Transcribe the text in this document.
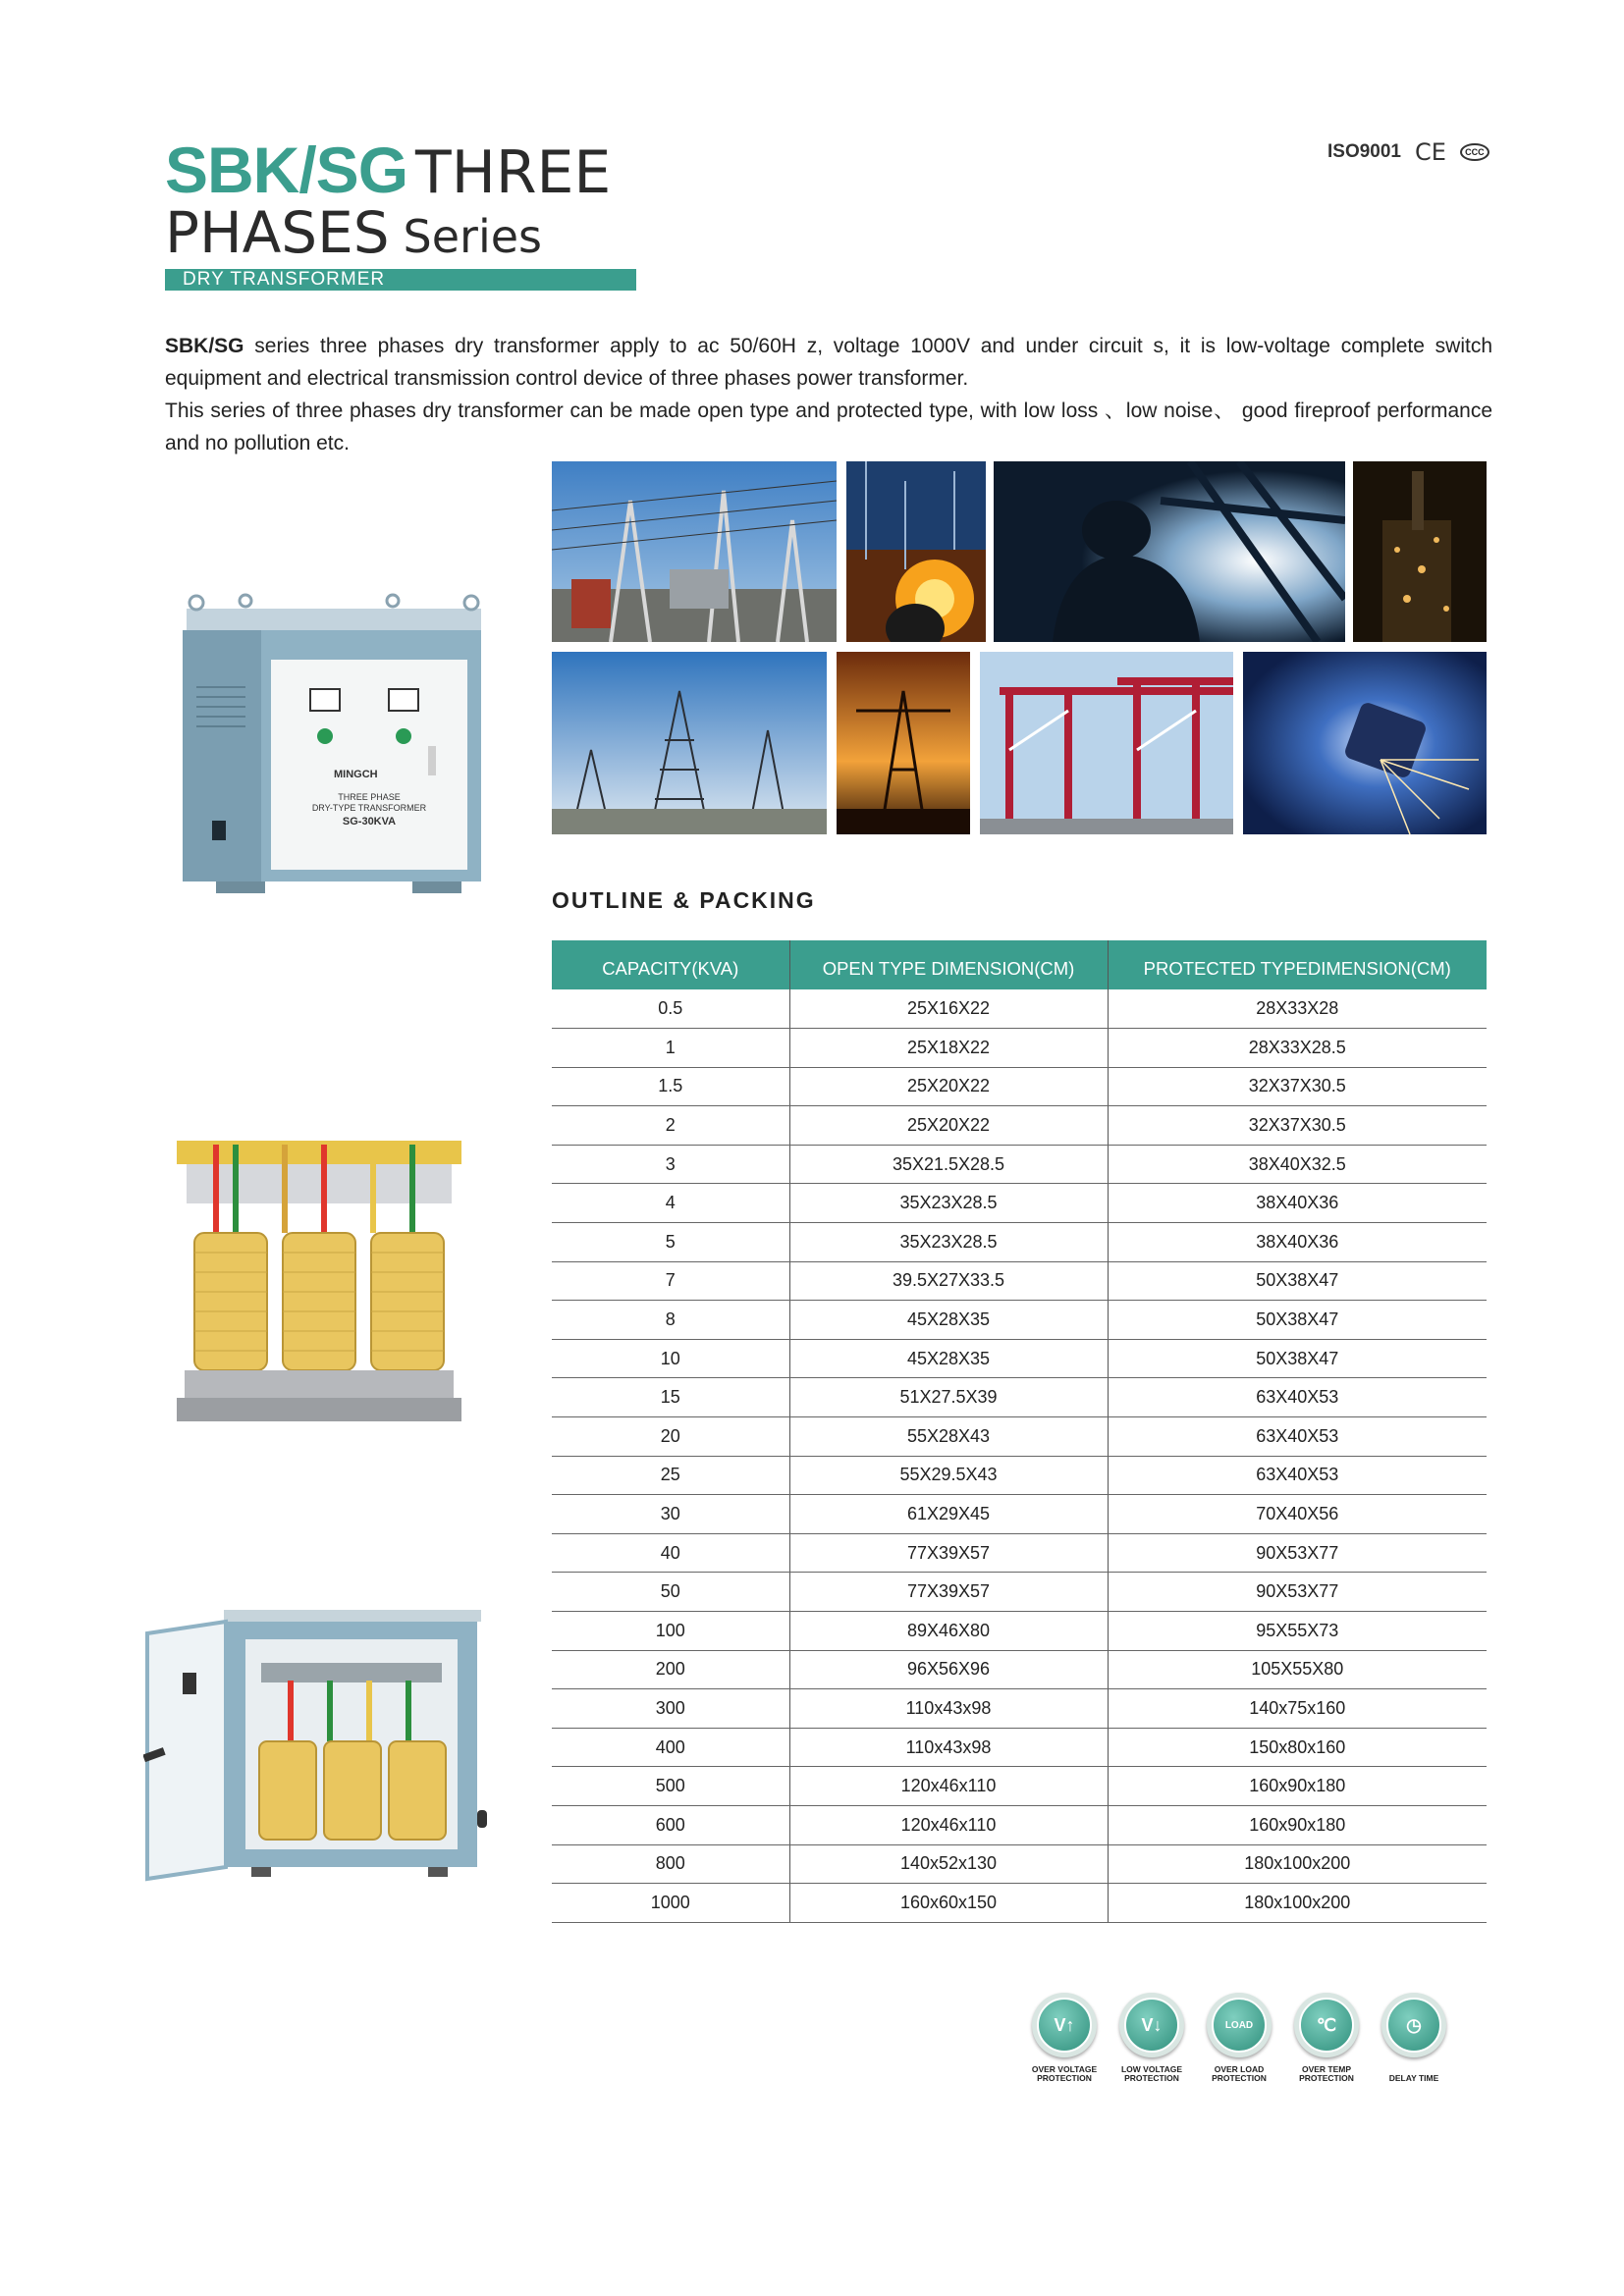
SBK/SG THREE
PHASES Series
DRY TRANSFORMER
ISO9001 CE	CCC

SBK/SG series three phases dry transformer apply to ac 50/60H z, voltage 1000V and under circuit s, it is low-voltage complete switch equipment and electrical transmission control device of three phases power transformer.

This series of three phases dry transformer can be made open type and protected type, with low loss 、low noise、 good fireproof performance and no pollution etc.

MINGCH
THREE PHASE
DRY-TYPE TRANSFORMER
SG-30KVA
OUTLINE & PACKING
CAPACITY(KVA)	OPEN TYPE DIMENSION(CM)	PROTECTED TYPEDIMENSION(CM)
0.5	25X16X22	28X33X28
1	25X18X22	28X33X28.5
1.5	25X20X22	32X37X30.5
2	25X20X22	32X37X30.5
3	35X21.5X28.5	38X40X32.5
4	35X23X28.5	38X40X36
5	35X23X28.5	38X40X36
7	39.5X27X33.5	50X38X47
8	45X28X35	50X38X47
10	45X28X35	50X38X47
15	51X27.5X39	63X40X53
20	55X28X43	63X40X53
25	55X29.5X43	63X40X53
30	61X29X45	70X40X56
40	77X39X57	90X53X77
50	77X39X57	90X53X77
100	89X46X80	95X55X73
200	96X56X96	105X55X80
300	110x43x98	140x75x160
400	110x43x98	150x80x160
500	120x46x110	160x90x180
600	120x46x110	160x90x180
800	140x52x130	180x100x200
1000	160x60x150	180x100x200
V↑
OVER VOLTAGE
PROTECTION
V↓
LOW VOLTAGE
PROTECTION
LOAD
OVER LOAD
PROTECTION
℃
OVER TEMP
PROTECTION
◷
DELAY TIME
